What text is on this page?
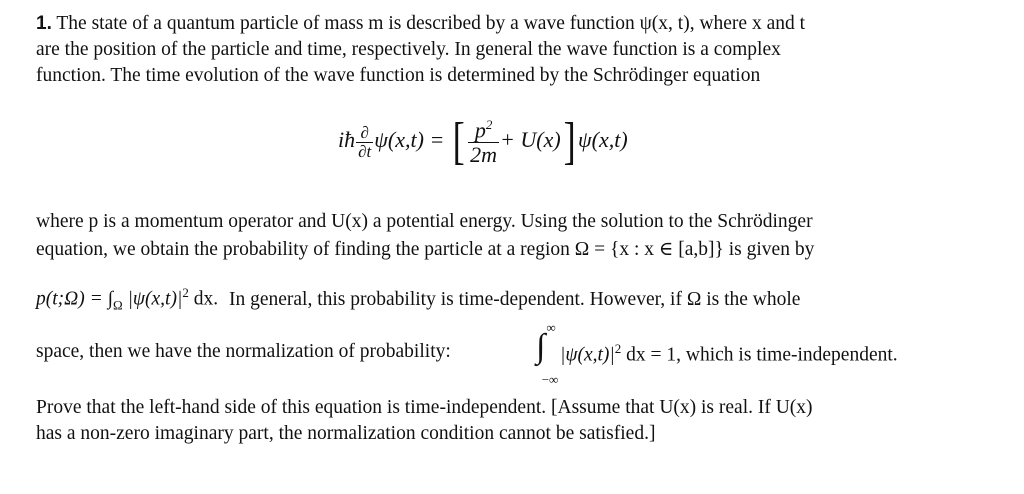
1. The state of a quantum particle of mass m is described by a wave function ψ(x, t), where x and t
are the position of the particle and time, respectively. In general the wave function is a complex
function. The time evolution of the wave function is determined by the Schrödinger equation
iħ $\frac{\partial}{\partial t} \psi(x,t)$ = [ $\frac{p^2}{2m} + U(x)$] ψ(x,t)
where p is a momentum operator and U(x) a potential energy. Using the solution to the Schrödinger
equation, we obtain the probability of finding the particle at a region Ω = {x : x ∈ [a,b]} is given by
p(t;Ω) = $\int_\Omega$ $|\psi(x,t)|^2$ dx. In general, this probability is time-dependent. However, if Ω is the whole
space, then we have the normalization of probability:
∞
∫
−∞
$|\psi(x,t)|^2$ dx = 1, which is time-independent.
Prove that the left-hand side of this equation is time-independent. [Assume that U(x) is real. If U(x)
has a non-zero imaginary part, the normalization condition cannot be satisfied.]
